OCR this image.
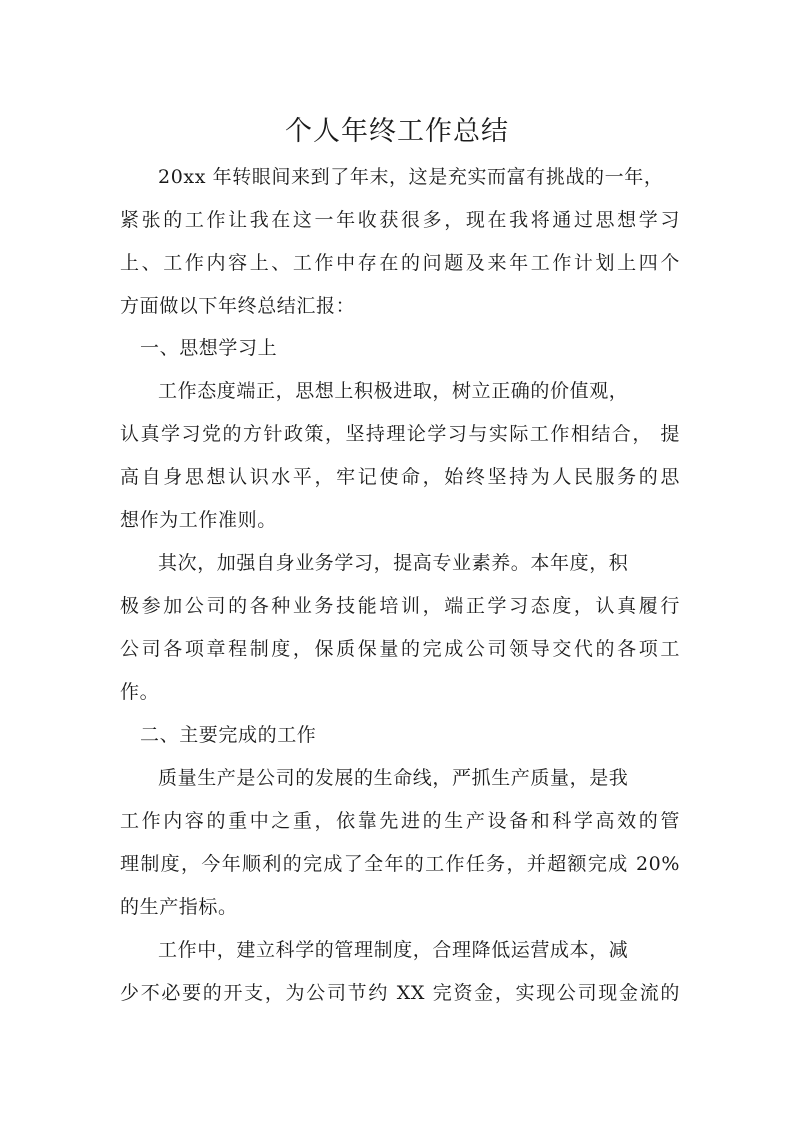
个人年终工作总结

20xx 年转眼间来到了年末，这是充实而富有挑战的一年，

紧张的工作让我在这一年收获很多，现在我将通过思想学习

上、工作内容上、工作中存在的问题及来年工作计划上四个

方面做以下年终总结汇报：

一、思想学习上

工作态度端正，思想上积极进取，树立正确的价值观，

认真学习党的方针政策，坚持理论学习与实际工作相结合， 提

高自身思想认识水平，牢记使命，始终坚持为人民服务的思

想作为工作准则。

其次，加强自身业务学习，提高专业素养。本年度，积

极参加公司的各种业务技能培训，端正学习态度，认真履行

公司各项章程制度，保质保量的完成公司领导交代的各项工

作。

二、主要完成的工作

质量生产是公司的发展的生命线，严抓生产质量，是我

工作内容的重中之重，依靠先进的生产设备和科学高效的管

理制度，今年顺利的完成了全年的工作任务，并超额完成 20%

的生产指标。

工作中，建立科学的管理制度，合理降低运营成本，减

少不必要的开支，为公司节约 XX 完资金，实现公司现金流的
